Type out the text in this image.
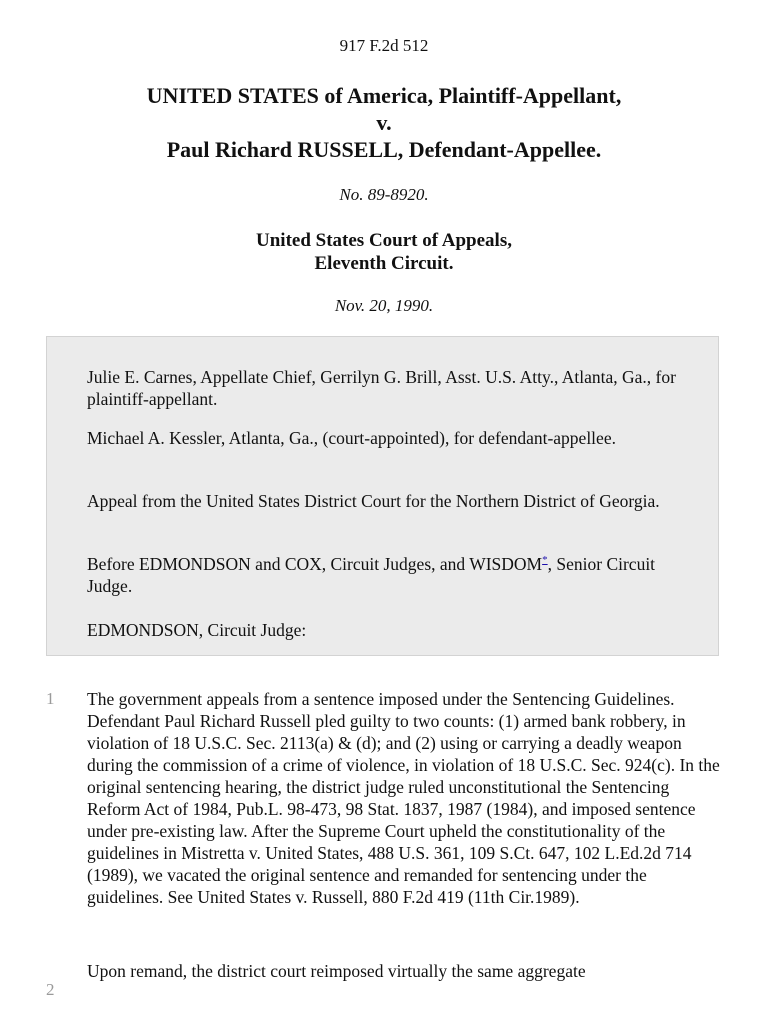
917 F.2d 512
UNITED STATES of America, Plaintiff-Appellant,
v.
Paul Richard RUSSELL, Defendant-Appellee.
No. 89-8920.
United States Court of Appeals,
Eleventh Circuit.
Nov. 20, 1990.
Julie E. Carnes, Appellate Chief, Gerrilyn G. Brill, Asst. U.S. Atty., Atlanta, Ga., for plaintiff-appellant.
Michael A. Kessler, Atlanta, Ga., (court-appointed), for defendant-appellee.
Appeal from the United States District Court for the Northern District of Georgia.
Before EDMONDSON and COX, Circuit Judges, and WISDOM*, Senior Circuit Judge.
EDMONDSON, Circuit Judge:
1 The government appeals from a sentence imposed under the Sentencing Guidelines. Defendant Paul Richard Russell pled guilty to two counts: (1) armed bank robbery, in violation of 18 U.S.C. Sec. 2113(a) & (d); and (2) using or carrying a deadly weapon during the commission of a crime of violence, in violation of 18 U.S.C. Sec. 924(c). In the original sentencing hearing, the district judge ruled unconstitutional the Sentencing Reform Act of 1984, Pub.L. 98-473, 98 Stat. 1837, 1987 (1984), and imposed sentence under pre-existing law. After the Supreme Court upheld the constitutionality of the guidelines in Mistretta v. United States, 488 U.S. 361, 109 S.Ct. 647, 102 L.Ed.2d 714 (1989), we vacated the original sentence and remanded for sentencing under the guidelines. See United States v. Russell, 880 F.2d 419 (11th Cir.1989).
2
Upon remand, the district court reimposed virtually the same aggregate
